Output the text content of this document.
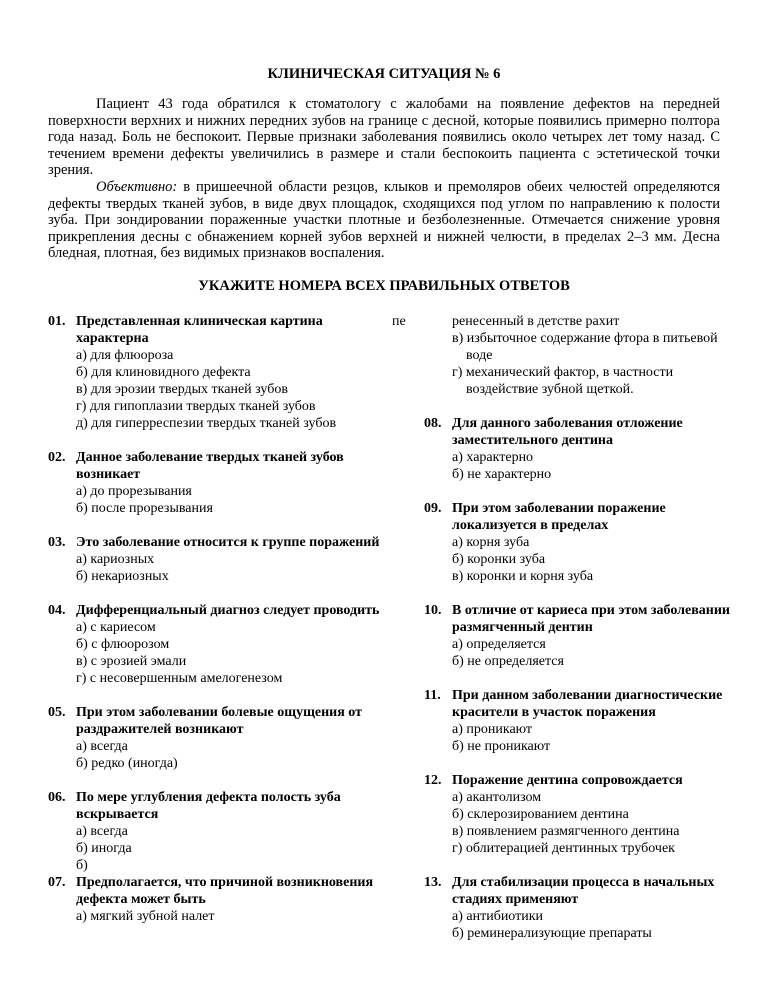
КЛИНИЧЕСКАЯ СИТУАЦИЯ № 6

Пациент 43 года обратился к стоматологу с жалобами на появление дефектов на передней поверхности верхних и нижних передних зубов на границе с десной, которые появились примерно полтора года назад. Боль не беспокоит. Первые признаки заболевания появились около четырех лет тому назад. С течением времени дефекты увеличились в размере и стали беспокоить пациента с эстетической точки зрения.

Объективно: в пришеечной области резцов, клыков и премоляров обеих челюстей определяются дефекты твердых тканей зубов, в виде двух площадок, сходящихся под углом по направлению к полости зуба. При зондировании пораженные участки плотные и безболезненные. Отмечается снижение уровня прикрепления десны с обнажением корней зубов верхней и нижней челюсти, в пределах 2–3 мм. Десна бледная, плотная, без видимых признаков воспаления.

УКАЖИТЕ НОМЕРА ВСЕХ ПРАВИЛЬНЫХ ОТВЕТОВ
01. Представленная клиническая картина характерна
а) для флюороза
б) для клиновидного дефекта
в) для эрозии твердых тканей зубов
г) для гипоплазии твердых тканей зубов
д) для гиперреспезии твердых тканей зубов
02. Данное заболевание твердых тканей зубов возникает
а) до прорезывания
б) после прорезывания
03. Это заболевание относится к группе поражений
а) кариозных
б) некариозных
04. Дифференциальный диагноз следует проводить
а) с кариесом
б) с флюорозом
в) с эрозией эмали
г) с несовершенным амелогенезом
05. При этом заболевании болевые ощущения от раздражителей возникают
а) всегда
б) редко (иногда)
06. По мере углубления дефекта полость зуба вскрывается
а) всегда
б) иногда
б)
07. Предполагается, что причиной возникновения дефекта может быть
а) мягкий зубной налет
пе	ренесенный в детстве рахит
в) избыточное содержание фтора в питьевой воде
г) механический фактор, в частности воздействие зубной щеткой.
08. Для данного заболевания отложение заместительного дентина
а) характерно
б) не характерно
09. При этом заболевании поражение локализуется в пределах
а) корня зуба
б) коронки зуба
в) коронки и корня зуба
10. В отличие от кариеса при этом заболевании размягченный дентин
а) определяется
б) не определяется
11. При данном заболевании диагностические красители в участок поражения
а) проникают
б) не проникают
12. Поражение дентина сопровождается
а) акантолизом
б) склерозированием дентина
в) появлением размягченного дентина
г) облитерацией дентинных трубочек
13. Для стабилизации процесса в начальных стадиях применяют
а) антибиотики
б) реминерализующие препараты
